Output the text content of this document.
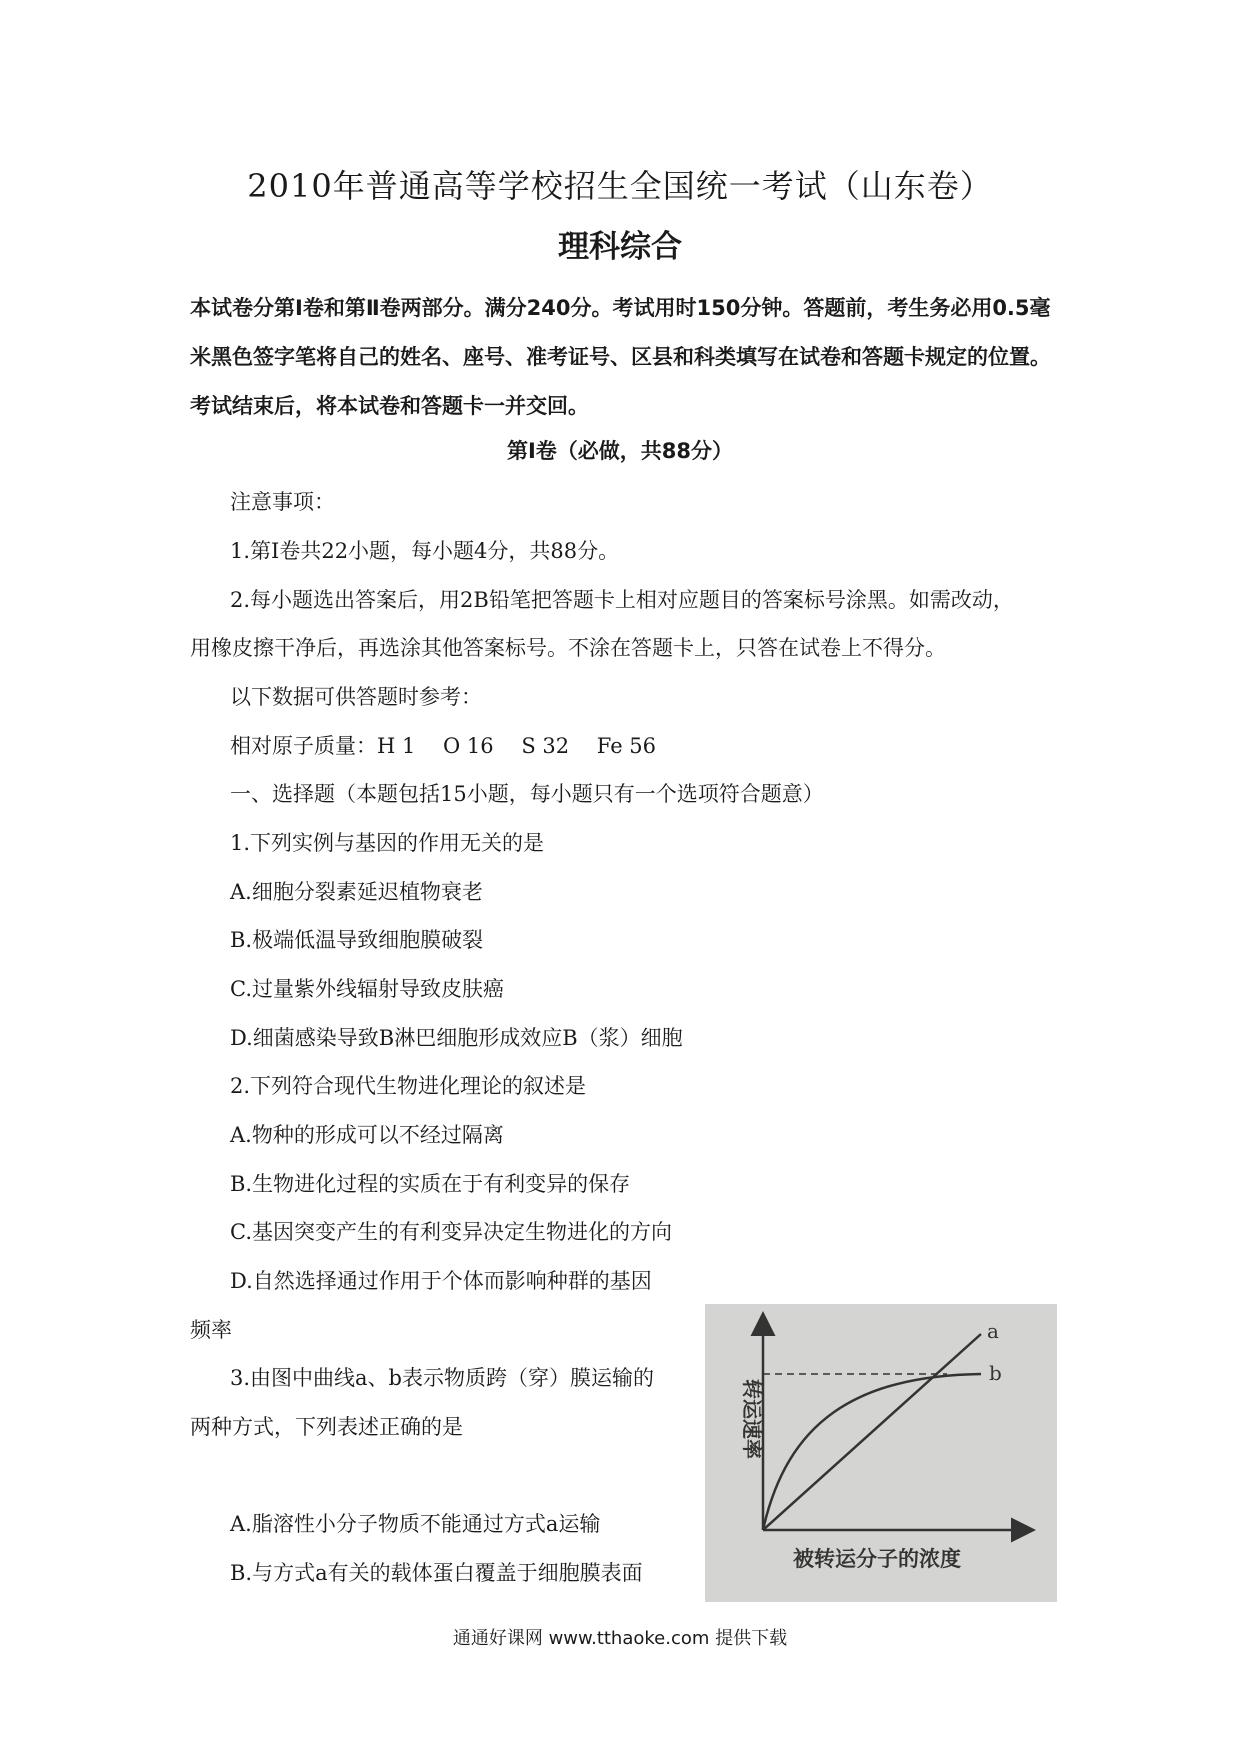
2010年普通高等学校招生全国统一考试（山东卷）
理科综合
本试卷分第Ⅰ卷和第Ⅱ卷两部分。满分240分。考试用时150分钟。答题前，考生务必用0.5毫米黑色签字笔将自己的姓名、座号、准考证号、区县和科类填写在试卷和答题卡规定的位置。考试结束后，将本试卷和答题卡一并交回。
第Ⅰ卷（必做，共88分）
注意事项：
1.第Ⅰ卷共22小题，每小题4分，共88分。
2.每小题选出答案后，用2B铅笔把答题卡上相对应题目的答案标号涂黑。如需改动，
用橡皮擦干净后，再选涂其他答案标号。不涂在答题卡上，只答在试卷上不得分。
以下数据可供答题时参考：
相对原子质量：H 1　 O 16　 S 32　 Fe 56
一、选择题（本题包括15小题，每小题只有一个选项符合题意）
1.下列实例与基因的作用无关的是
A.细胞分裂素延迟植物衰老
B.极端低温导致细胞膜破裂
C.过量紫外线辐射导致皮肤癌
D.细菌感染导致B淋巴细胞形成效应B（浆）细胞
2.下列符合现代生物进化理论的叙述是
A.物种的形成可以不经过隔离
B.生物进化过程的实质在于有利变异的保存
C.基因突变产生的有利变异决定生物进化的方向
D.自然选择通过作用于个体而影响种群的基因
频率
3.由图中曲线a、b表示物质跨（穿）膜运输的
两种方式，下列表述正确的是
A.脂溶性小分子物质不能通过方式a运输
B.与方式a有关的载体蛋白覆盖于细胞膜表面
a
b
转运速率
被转运分子的浓度
通通好课网 www.tthaoke.com 提供下载
